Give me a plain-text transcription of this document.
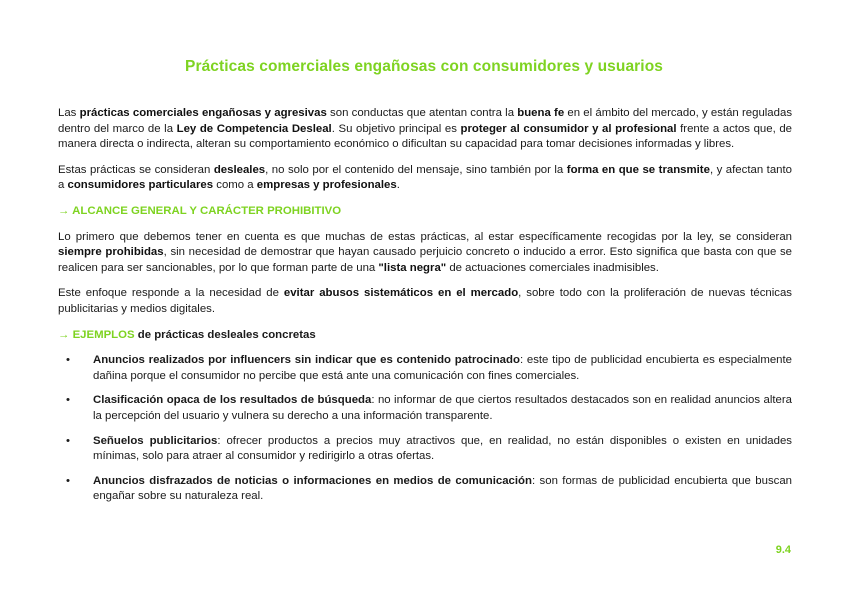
Prácticas comerciales engañosas con consumidores y usuarios

Las prácticas comerciales engañosas y agresivas son conductas que atentan contra la buena fe en el ámbito del mercado, y están reguladas dentro del marco de la Ley de Competencia Desleal. Su objetivo principal es proteger al consumidor y al profesional frente a actos que, de manera directa o indirecta, alteran su comportamiento económico o dificultan su capacidad para tomar decisiones informadas y libres.

Estas prácticas se consideran desleales, no solo por el contenido del mensaje, sino también por la forma en que se transmite, y afectan tanto a consumidores particulares como a empresas y profesionales.

→ ALCANCE GENERAL Y CARÁCTER PROHIBITIVO

Lo primero que debemos tener en cuenta es que muchas de estas prácticas, al estar específicamente recogidas por la ley, se consideran siempre prohibidas, sin necesidad de demostrar que hayan causado perjuicio concreto o inducido a error. Esto significa que basta con que se realicen para ser sancionables, por lo que forman parte de una "lista negra" de actuaciones comerciales inadmisibles.

Este enfoque responde a la necesidad de evitar abusos sistemáticos en el mercado, sobre todo con la proliferación de nuevas técnicas publicitarias y medios digitales.

→ EJEMPLOS de prácticas desleales concretas
• Anuncios realizados por influencers sin indicar que es contenido patrocinado: este tipo de publicidad encubierta es especialmente dañina porque el consumidor no percibe que está ante una comunicación con fines comerciales.
• Clasificación opaca de los resultados de búsqueda: no informar de que ciertos resultados destacados son en realidad anuncios altera la percepción del usuario y vulnera su derecho a una información transparente.
• Señuelos publicitarios: ofrecer productos a precios muy atractivos que, en realidad, no están disponibles o existen en unidades mínimas, solo para atraer al consumidor y redirigirlo a otras ofertas.
• Anuncios disfrazados de noticias o informaciones en medios de comunicación: son formas de publicidad encubierta que buscan engañar sobre su naturaleza real.
9.4
